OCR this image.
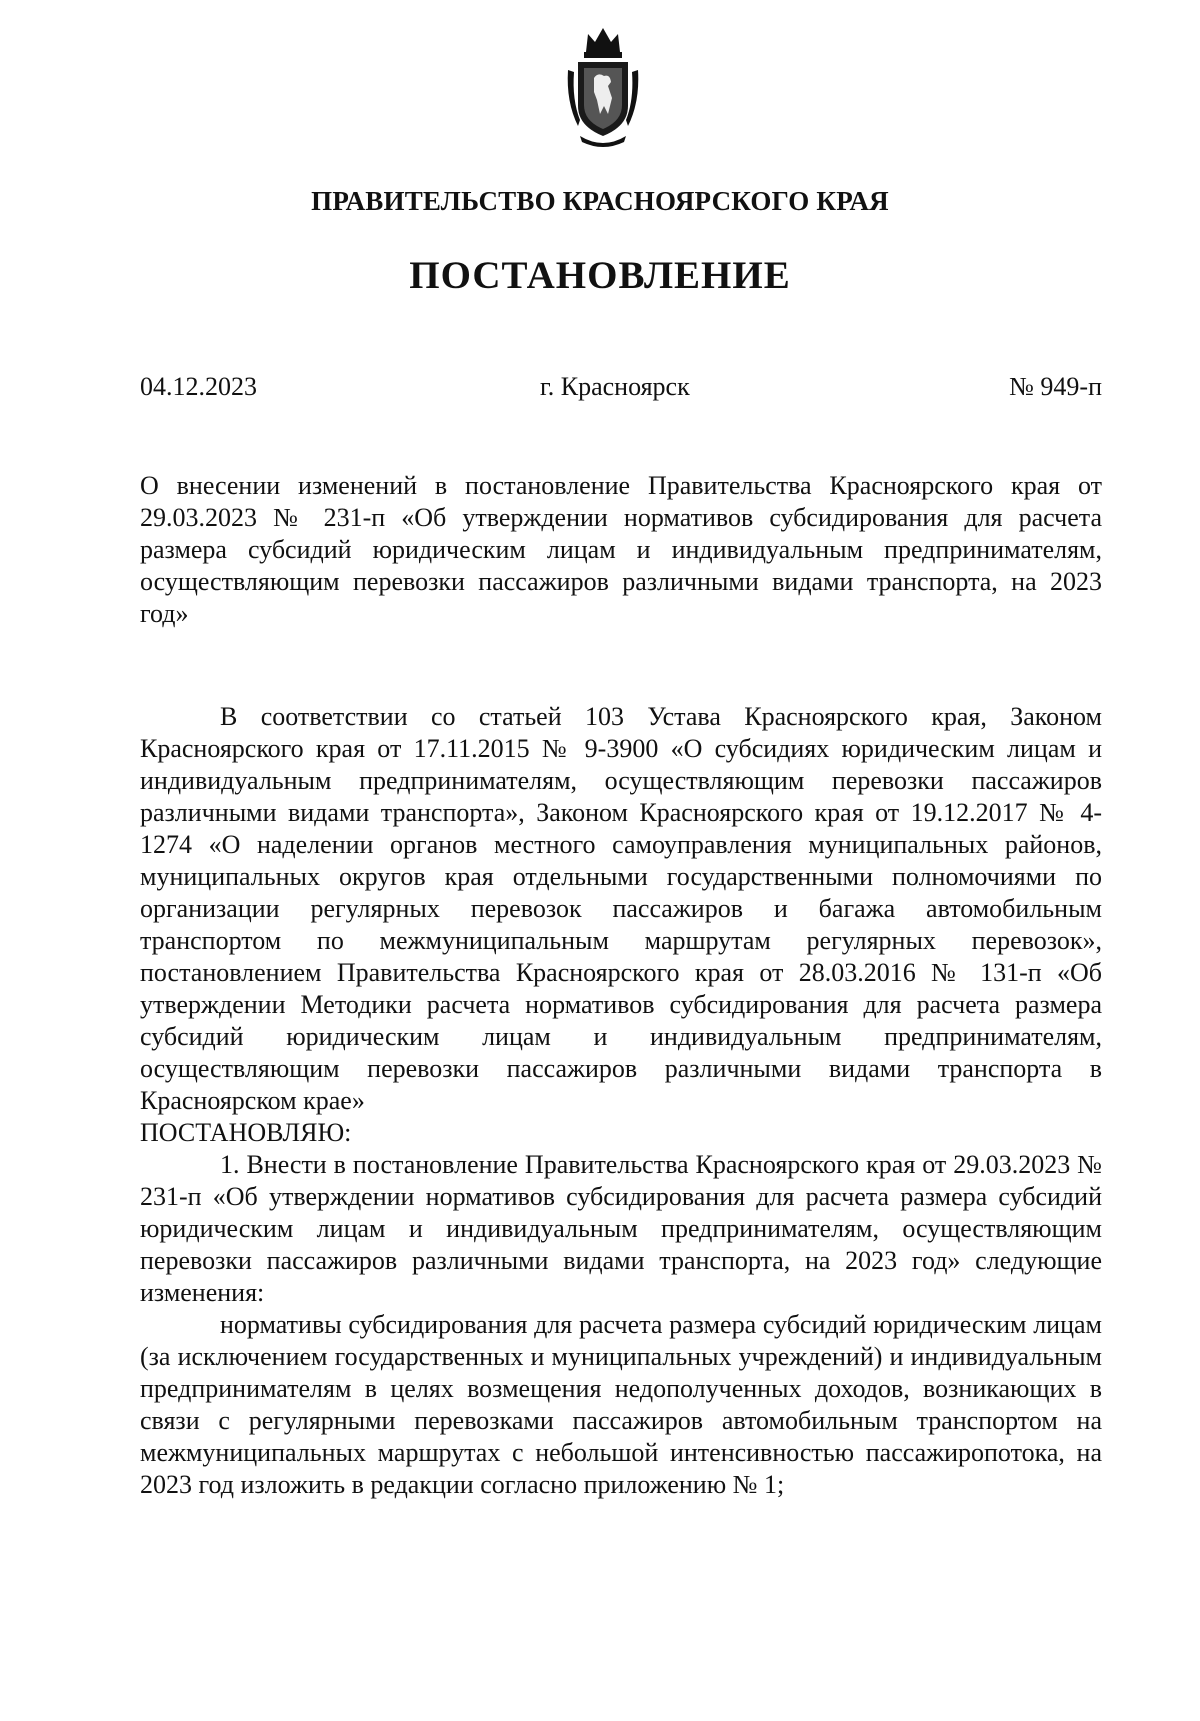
ПРАВИТЕЛЬСТВО КРАСНОЯРСКОГО КРАЯ
ПОСТАНОВЛЕНИЕ
04.12.2023	г. Красноярск	№ 949-п
О внесении изменений в постановление Правительства Красноярского края от 29.03.2023 № 231-п «Об утверждении нормативов субсидирования для расчета размера субсидий юридическим лицам и индивидуальным предпринимателям, осуществляющим перевозки пассажиров различными видами транспорта, на 2023 год»

В соответствии со статьей 103 Устава Красноярского края, Законом Красноярского края от 17.11.2015 № 9-3900 «О субсидиях юридическим лицам и индивидуальным предпринимателям, осуществляющим перевозки пассажиров различными видами транспорта», Законом Красноярского края от 19.12.2017 № 4-1274 «О наделении органов местного самоуправления муниципальных районов, муниципальных округов края отдельными государственными полномочиями по организации регулярных перевозок пассажиров и багажа автомобильным транспортом по межмуниципальным маршрутам регулярных перевозок», постановлением Правительства Красноярского края от 28.03.2016 № 131-п «Об утверждении Методики расчета нормативов субсидирования для расчета размера субсидий юридическим лицам и индивидуальным предпринимателям, осуществляющим перевозки пассажиров различными видами транспорта в Красноярском крае»

ПОСТАНОВЛЯЮ:

1. Внести в постановление Правительства Красноярского края от 29.03.2023 № 231-п «Об утверждении нормативов субсидирования для расчета размера субсидий юридическим лицам и индивидуальным предпринимателям, осуществляющим перевозки пассажиров различными видами транспорта, на 2023 год» следующие изменения:

нормативы субсидирования для расчета размера субсидий юридическим лицам (за исключением государственных и муниципальных учреждений) и индивидуальным предпринимателям в целях возмещения недополученных доходов, возникающих в связи с регулярными перевозками пассажиров автомобильным транспортом на межмуниципальных маршрутах с небольшой интенсивностью пассажиропотока, на 2023 год изложить в редакции согласно приложению № 1;
